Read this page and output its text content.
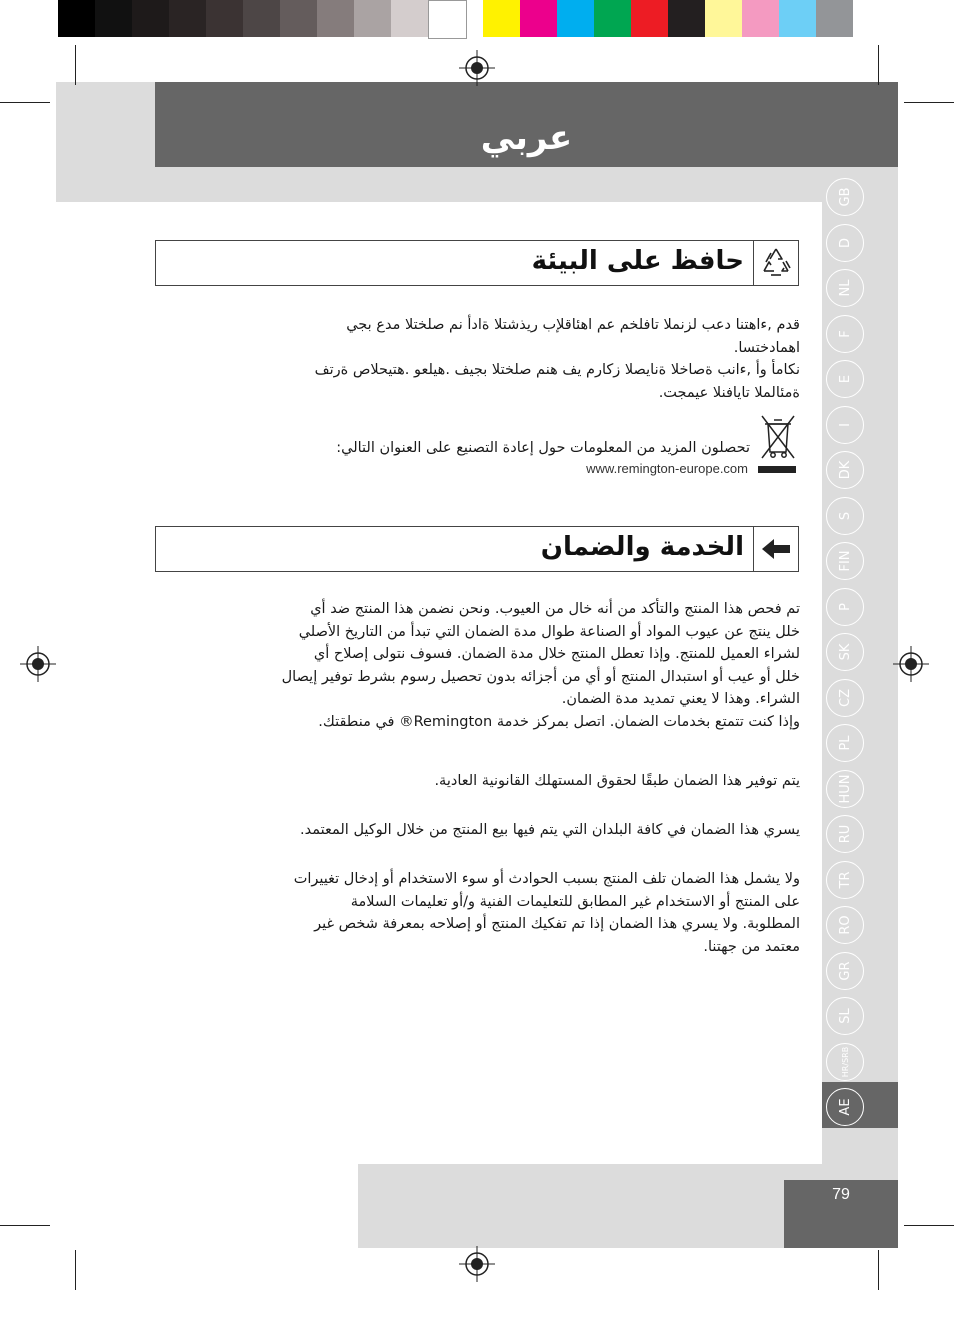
عربي
حافظ على البيئة

قدم ,ءاهتنا دعب لزنملا تافلخم عم اهئاقلإب ريذشتلا ةادأ نم صلختلا مدع بجي

اهمادختسا.

نكامأ وأ ,ءانب ةصاخلا ةنايصلا زكارم يف هنم صلختلا بجيف .هيلعو .هتيحلاص ةرتف

ةمئالملا تايافنلا عيمجت.

تحصلون المزيد من المعلومات حول إعادة التصنيع على العنوان التالي:
www.remington-europe.com
الخدمة والضمان

تم فحص هذا المنتج والتأكد من أنه خال من العيوب. ونحن نضمن هذا المنتج ضد أي

خلل ينتج عن عيوب المواد أو الصناعة طوال مدة الضمان التي تبدأ من التاريخ الأصلي

لشراء العميل للمنتج. وإذا تعطل المنتج خلال مدة الضمان. فسوف نتولى إصلاح أي

خلل أو عيب أو استبدال المنتج أو أي من أجزائه بدون تحصيل رسوم بشرط توفير إيصال

الشراء. وهذا لا يعني تمديد مدة الضمان.

وإذا كنت تتمتع بخدمات الضمان. اتصل بمركز خدمة Remington® في منطقتك.

يتم توفير هذا الضمان طبقًا لحقوق المستهلك القانونية العادية.

يسري هذا الضمان في كافة البلدان التي يتم فيها بيع المنتج من خلال الوكيل المعتمد.

ولا يشمل هذا الضمان تلف المنتج بسبب الحوادث أو سوء الاستخدام أو إدخال تغييرات

على المنتج أو الاستخدام غير المطابق للتعليمات الفنية و/أو تعليمات السلامة

المطلوبة. ولا يسري هذا الضمان إذا تم تفكيك المنتج أو إصلاحه بمعرفة شخص غير

معتمد من جهتنا.

GB
D
NL
F
E
I
DK
S
FIN
P
SK
CZ
PL
HUN
RU
TR
RO
GR
SL
HR/SRB
AE
79
